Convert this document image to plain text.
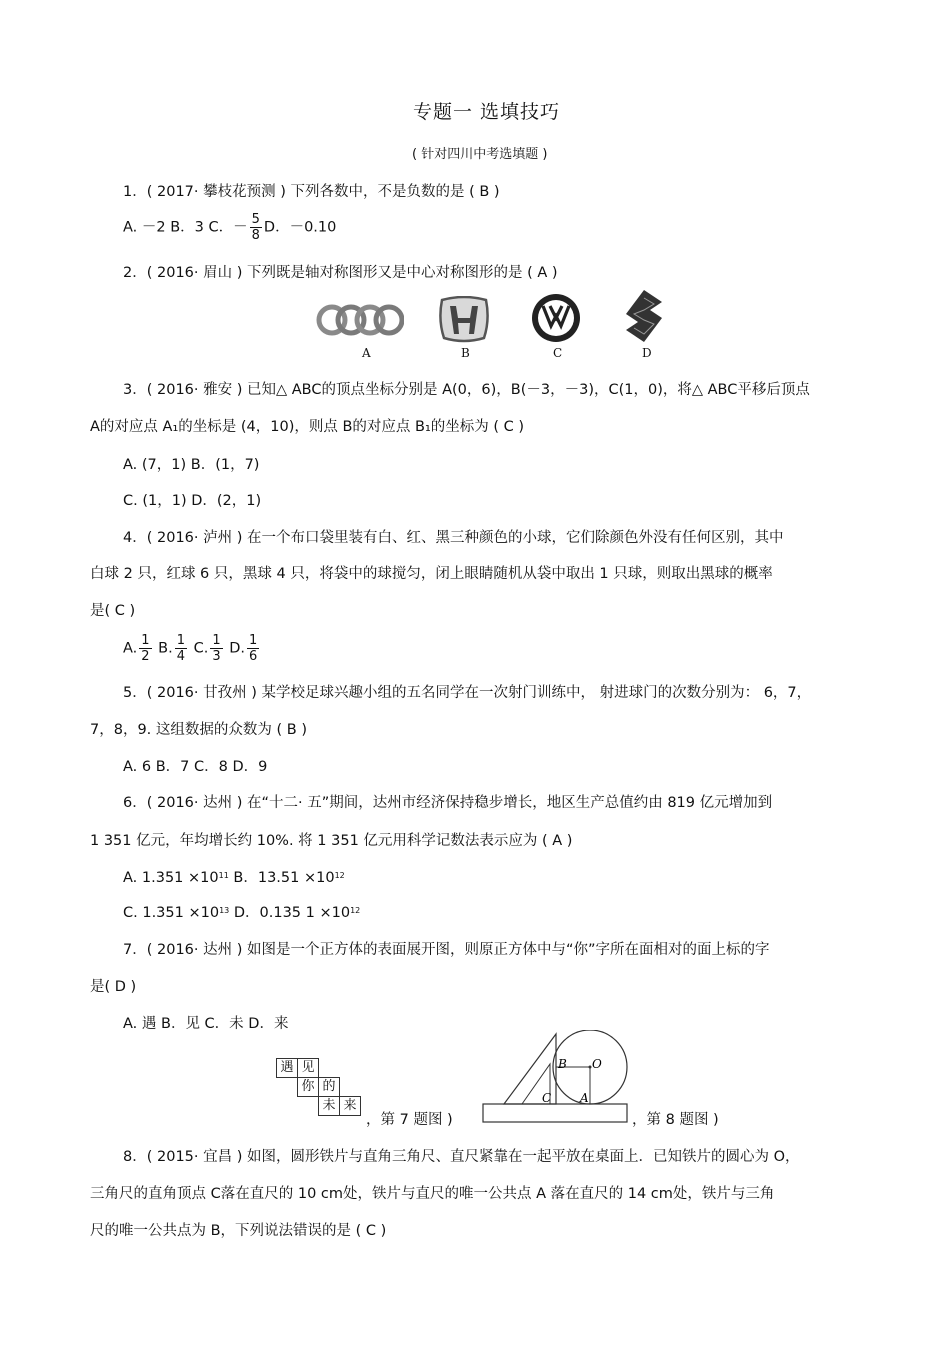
专题一 选填技巧
( 针对四川中考选填题 )
1．( 2017· 攀枝花预测 ) 下列各数中，不是负数的是 ( B )
A. －2 B．3 C．－ $\frac{5}{8}$ D．－0.10
2．( 2016· 眉山 ) 下列既是轴对称图形又是中心对称图形的是 ( A )
A	B	C	D
3．( 2016· 雅安 ) 已知△ ABC的顶点坐标分别是 A(0，6)，B(－3，－3)，C(1，0)，将△ ABC平移后顶点
A的对应点 A₁的坐标是 (4，10)，则点 B的对应点 B₁的坐标为 ( C )
A. (7，1) B．(1，7)
C. (1，1) D．(2，1)
4．( 2016· 泸州 ) 在一个布口袋里装有白、红、黑三种颜色的小球，它们除颜色外没有任何区别，其中
白球 2 只，红球 6 只，黑球 4 只，将袋中的球搅匀，闭上眼睛随机从袋中取出 1 只球，则取出黑球的概率
是( C )
A. $\frac{1}{2} B$. $\frac{1}{4} C$. $\frac{1}{3} D$. $\frac{1}{6}$
5．( 2016· 甘孜州 ) 某学校足球兴趣小组的五名同学在一次射门训练中， 射进球门的次数分别为： 6，7，
7，8，9. 这组数据的众数为 ( B )
A. 6 B．7 C．8 D．9
6．( 2016· 达州 ) 在“十二· 五”期间，达州市经济保持稳步增长，地区生产总值约由 819 亿元增加到
1 351 亿元，年均增长约 10%. 将 1 351 亿元用科学记数法表示应为 ( A )
A. $1.351 \times 10^{11}$ B．$13.51 \times 10^{12}$
C. $1.351 \times 10^{13}$ D．0.135 $1 \times 10^{12}$
7．( 2016· 达州 ) 如图是一个正方体的表面展开图，则原正方体中与“你”字所在面相对的面上标的字
是( D )
A. 遇 B．见 C．未 D．来
遇 见
你 的
未 来
，第 7 题图 )
B O
C A
，第 8 题图 )
8．( 2015· 宜昌 ) 如图，圆形铁片与直角三角尺、直尺紧靠在一起平放在桌面上．已知铁片的圆心为 O，
三角尺的直角顶点 C落在直尺的 10 cm处，铁片与直尺的唯一公共点 A 落在直尺的 14 cm处，铁片与三角
尺的唯一公共点为 B，下列说法错误的是 ( C )
